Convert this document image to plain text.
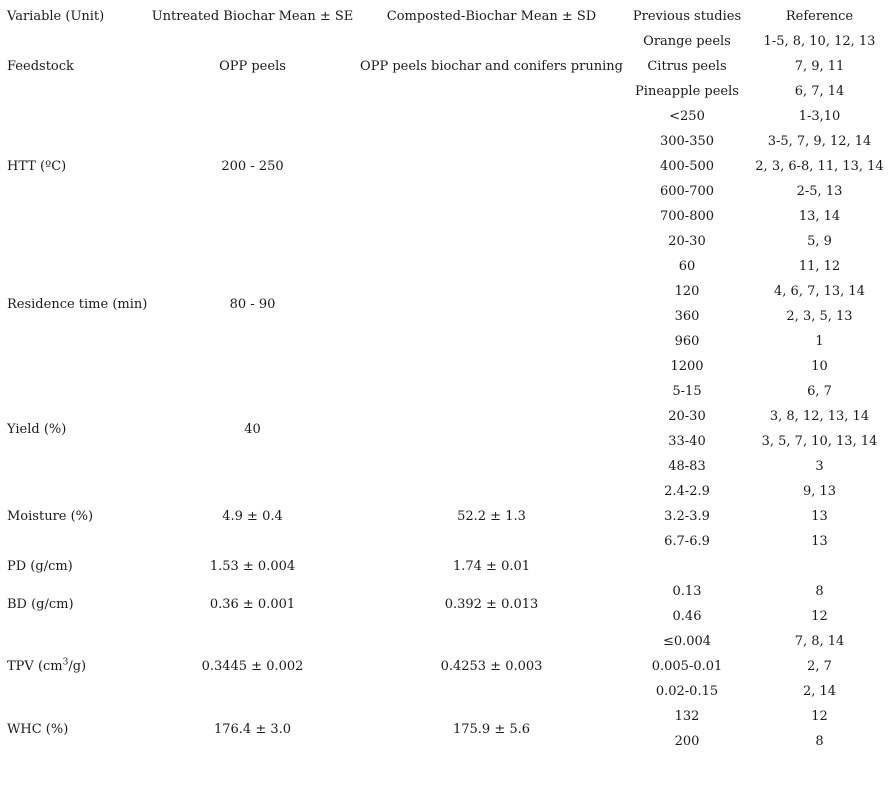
Variable (Unit)	Untreated Biochar Mean ± SE	Composted-Biochar Mean ± SD	Previous studies	Reference
Feedstock	OPP peels	OPP peels biochar and conifers pruning	Orange peels	1-5, 8, 10, 12, 13
			Citrus peels	7, 9, 11
			Pineapple peels	6, 7, 14
HTT (ºC)	200 - 250		<250	1-3,10
			300-350	3-5, 7, 9, 12, 14
			400-500	2, 3, 6-8, 11, 13, 14
			600-700	2-5, 13
			700-800	13, 14
Residence time (min)	80 - 90		20-30	5, 9
			60	11, 12
			120	4, 6, 7, 13, 14
			360	2, 3, 5, 13
			960	1
			1200	10
Yield (%)	40		5-15	6, 7
			20-30	3, 8, 12, 13, 14
			33-40	3, 5, 7, 10, 13, 14
			48-83	3
Moisture (%)	4.9 ± 0.4	52.2 ± 1.3	2.4-2.9	9, 13
			3.2-3.9	13
			6.7-6.9	13
PD (g/cm)	1.53 ± 0.004	1.74 ± 0.01		
BD (g/cm)	0.36 ± 0.001	0.392 ± 0.013	0.13	8
			0.46	12
TPV $(cm^3/g)$	0.3445 ± 0.002	0.4253 ± 0.003	≤0.004	7, 8, 14
			0.005-0.01	2, 7
			0.02-0.15	2, 14
WHC (%)	176.4 ± 3.0	175.9 ± 5.6	132	12
			200	8
